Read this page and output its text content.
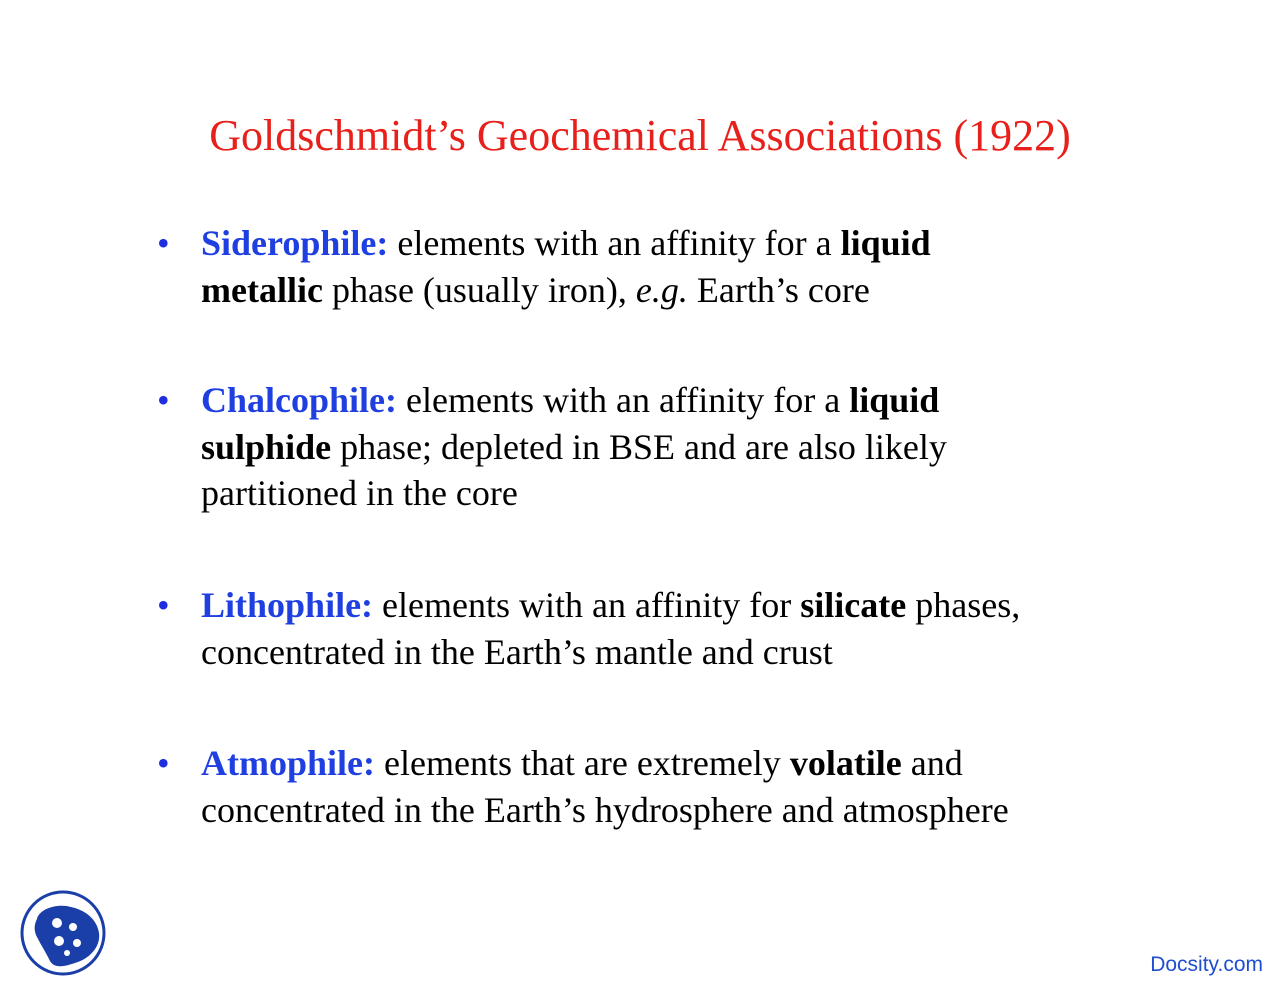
Goldschmidt’s Geochemical Associations (1922)
• Siderophile: elements with an affinity for a liquid
metallic phase (usually iron), e.g. Earth’s core
• Chalcophile: elements with an affinity for a liquid
sulphide phase; depleted in BSE and are also likely
partitioned in the core
• Lithophile: elements with an affinity for silicate phases,
concentrated in the Earth’s mantle and crust
• Atmophile: elements that are extremely volatile and
concentrated in the Earth’s hydrosphere and atmosphere
Docsity.com
